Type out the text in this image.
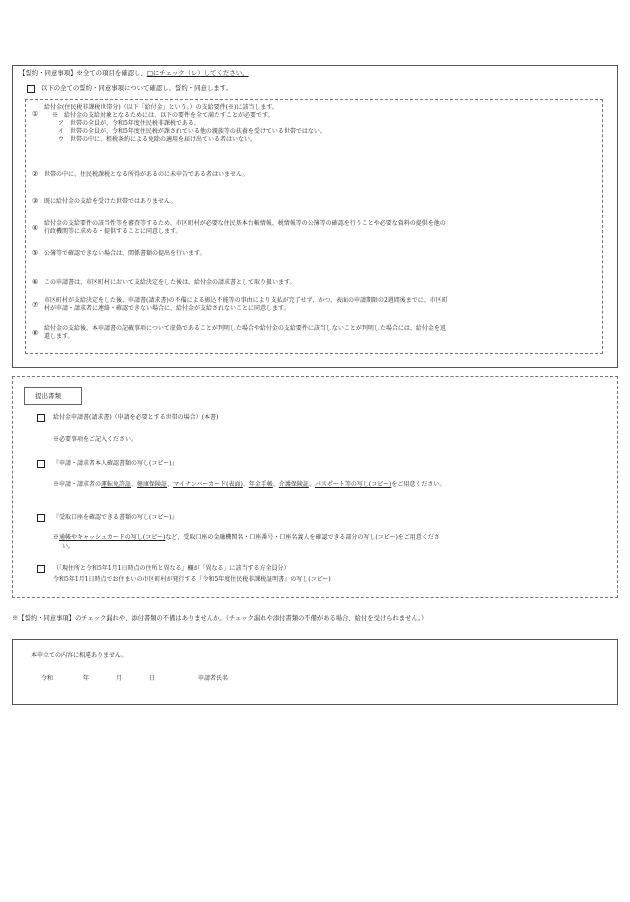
【誓約・同意事項】※全ての項目を確認し、□にチェック（レ）してください。
以下の全ての誓約・同意事項について確認し、誓約・同意します。
①
給付金(住民税非課税世帯分)（以下「給付金」という。）の支給要件(※)に該当します。
※　給付金の支給対象となるためには、以下の要件を全て満たすことが必要です。
ア　世帯の全員が、令和5年度住民税非課税である。
イ　世帯の全員が、令和5年度住民税が課されている他の親族等の扶養を受けている世帯ではない。
ウ　世帯の中に、租税条約による免除の適用を届け出ている者はいない。
② 世帯の中に、住民税課税となる所得があるのに未申告である者はいません。
③ 既に給付金の支給を受けた世帯ではありません。
④
給付金の支給要件の該当性等を審査等するため、市区町村が必要な住民基本台帳情報、税情報等の公簿等の確認を行うことや必要な資料の提供を他の
行政機関等に求める・提供することに同意します。
⑤ 公簿等で確認できない場合は、関係書類の提出を行います。
⑥ この申請書は、市区町村において支給決定をした後は、給付金の請求書として取り扱います。
⑦
市区町村が支給決定をした後、申請書(請求書)の不備による振込不能等の事由により支払が完了せず、かつ、表面の申請期限の2週間後までに、市区町
村が申請・請求者に連絡・確認できない場合に、給付金が支給されないことに同意します。
⑧
給付金の支給後、本申請書の記載事項について虚偽であることが判明した場合や給付金の支給要件に該当しないことが判明した場合には、給付金を返
還します。
提出書類
給付金申請書(請求書)（申請を必要とする世帯の場合）(本書)
※必要事項をご記入ください。
『申請・請求者本人確認書類の写し(コピー)』
※申請・請求者の運転免許証、健康保険証、マイナンバーカード(表面)、年金手帳、介護保険証、パスポート等の写し(コピー)をご用意ください。
『受取口座を確認できる書類の写し(コピー)』
※通帳やキャッシュカードの写し(コピー)など、受取口座の金融機関名・口座番号・口座名義人を確認できる部分の写し(コピー)をご用意くださ
い。
（「現住所と令和5年1月1日時点の住所と異なる」欄が「異なる」に該当する方全員分）
令和5年1月1日時点でお住まいの市区町村が発行する『令和5年度住民税非課税証明書』の写し(コピー)
※【誓約・同意事項】のチェック漏れや、添付書類の不備はありませんか。（チェック漏れや添付書類の不備がある場合、給付を受けられません。）
本申立ての内容に相違ありません。
令和	年	月	日	申請者氏名
